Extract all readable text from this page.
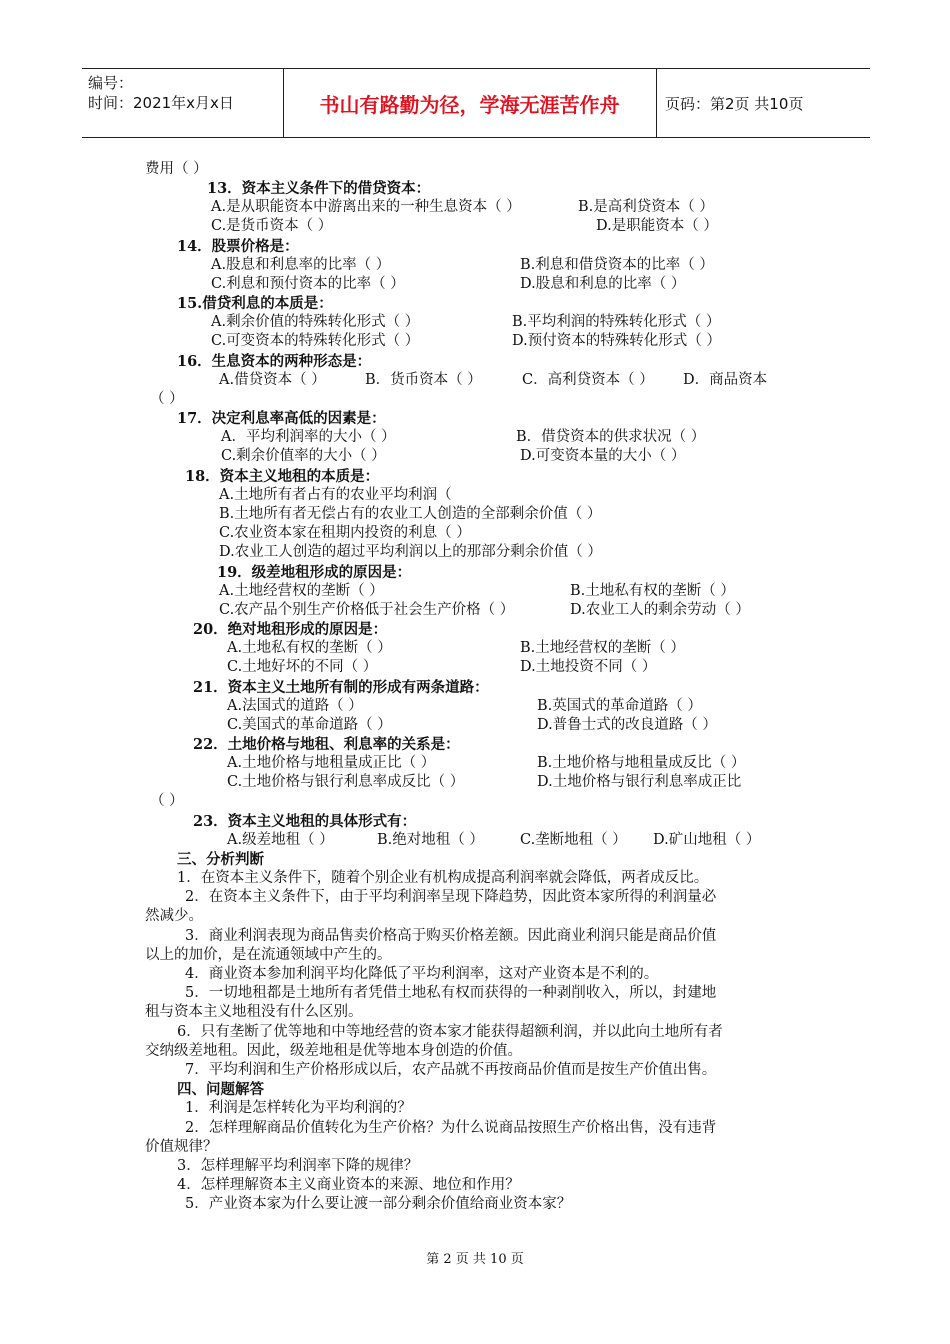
编号：
时间：2021年x月x日	书山有路勤为径，学海无涯苦作舟	页码：第2页 共10页
费用（ ）
13．资本主义条件下的借贷资本：
A.是从职能资本中游离出来的一种生息资本（ ）	B.是高利贷资本（ ）
C.是货币资本（ ）	D.是职能资本（ ）
14．股票价格是：
A.股息和利息率的比率（ ）	B.利息和借贷资本的比率（ ）
C.利息和预付资本的比率（ ）	D.股息和利息的比率（ ）
15.借贷利息的本质是：
A.剩余价值的特殊转化形式（ ）	B.平均利润的特殊转化形式（ ）
C.可变资本的特殊转化形式（ ）	D.预付资本的特殊转化形式（ ）
16．生息资本的两种形态是：
A.借贷资本（ ）	B．货币资本（ ）	C．高利贷资本（ ） D．商品资本
（ ）
17．决定利息率高低的因素是：
A．平均利润率的大小（ ）	B．借贷资本的供求状况（ ）
C.剩余价值率的大小（ ）	D.可变资本量的大小（ ）
18．资本主义地租的本质是：
A.土地所有者占有的农业平均利润（
B.土地所有者无偿占有的农业工人创造的全部剩余价值（ ）
C.农业资本家在租期内投资的利息（ ）
D.农业工人创造的超过平均利润以上的那部分剩余价值（ ）
19．级差地租形成的原因是：
A.土地经营权的垄断（ ）	B.土地私有权的垄断（ ）
C.农产品个别生产价格低于社会生产价格（ ）	D.农业工人的剩余劳动（ ）
20．绝对地租形成的原因是：
A.土地私有权的垄断（ ）	B.土地经营权的垄断（ ）
C.土地好坏的不同（ ）	D.土地投资不同（ ）
21．资本主义土地所有制的形成有两条道路：
A.法国式的道路（ ）	B.英国式的革命道路（ ）
C.美国式的革命道路（ ）	D.普鲁士式的改良道路（ ）
22．土地价格与地租、利息率的关系是：
A.土地价格与地租量成正比（ ）	B.土地价格与地租量成反比（ ）
C.土地价格与银行利息率成反比（ ）	D.土地价格与银行利息率成正比
（ ）
23．资本主义地租的具体形式有：
A.级差地租（ ）	B.绝对地租（ ） C.垄断地租（ ） D.矿山地租（ ）
三、分析判断
1．在资本主义条件下，随着个别企业有机构成提高利润率就会降低，两者成反比。
2．在资本主义条件下，由于平均利润率呈现下降趋势，因此资本家所得的利润量必
然减少。
3．商业利润表现为商品售卖价格高于购买价格差额。因此商业利润只能是商品价值
以上的加价，是在流通领域中产生的。
4．商业资本参加利润平均化降低了平均利润率，这对产业资本是不利的。
5．一切地租都是土地所有者凭借土地私有权而获得的一种剥削收入，所以，封建地
租与资本主义地租没有什么区别。
6．只有垄断了优等地和中等地经营的资本家才能获得超额利润，并以此向土地所有者
交纳级差地租。因此，级差地租是优等地本身创造的价值。
7．平均利润和生产价格形成以后，农产品就不再按商品价值而是按生产价值出售。
四、问题解答
1．利润是怎样转化为平均利润的？
2．怎样理解商品价值转化为生产价格？为什么说商品按照生产价格出售，没有违背
价值规律？
3．怎样理解平均利润率下降的规律？
4．怎样理解资本主义商业资本的来源、地位和作用？
5．产业资本家为什么要让渡一部分剩余价值给商业资本家？
第 2 页 共 10 页
